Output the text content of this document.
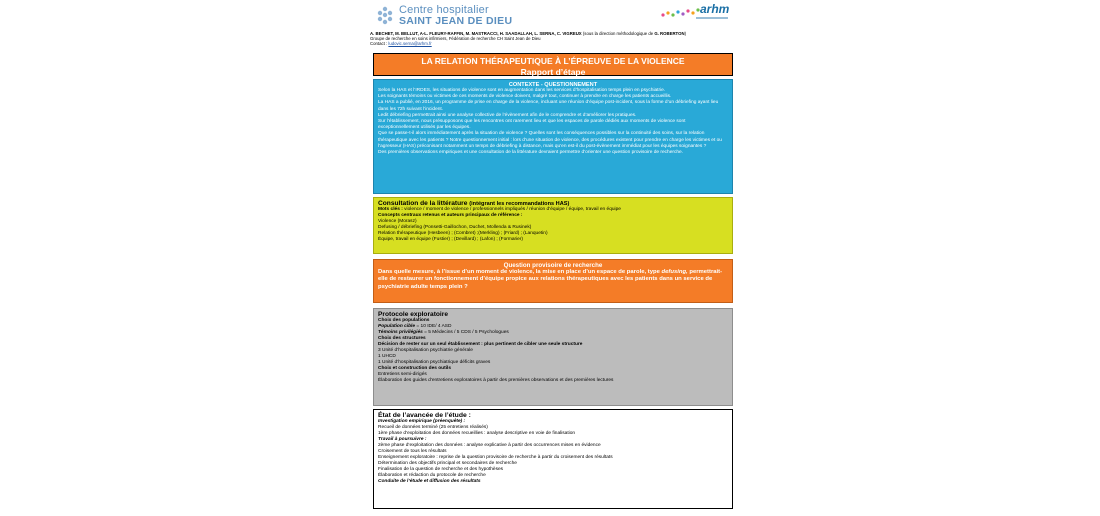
Centre hospitalier
SAINT JEAN DE DIEU
arhm
A. BECHET, M. BELLUT, A-L. FLEURY-RAFFIN, M. MASTRACCI, H. SAADALLAH, L. SERNA, C. VIGREUX (sous la direction méthodologique de G. ROBERTON)
Groupe de recherche en soins infirmiers, Fédération de recherche CH Saint Jean de Dieu
Contact : ludovic.serna@arhm.fr
LA RELATION THÉRAPEUTIQUE À L’ÉPREUVE DE LA VIOLENCE
Rapport d’étape
CONTEXTE - QUESTIONNEMENT
Selon la HAS et l’IRDES, les situations de violence sont en augmentation dans les services d’hospitalisation temps plein en psychiatrie.
Les soignants témoins ou victimes de ces moments de violence doivent, malgré tout, continuer à prendre en charge les patients accueillis.
La HAS a publié, en 2016, un programme de prise en charge de la violence, incluant une réunion d’équipe post-incident, sous la forme d’un débriefing ayant lieu dans les 72h suivant l’incident.
Ledit débriefing permettrait ainsi une analyse collective de l’évènement afin de le comprendre et d’améliorer les pratiques.
Sur l’établissement, nous présupposons que les rencontres ont rarement lieu et que les espaces de parole dédiés aux moments de violence sont exceptionnellement utilisés par les équipes.
Que se passe-t-il alors immédiatement après la situation de violence ? Quelles sont les conséquences possibles sur la continuité des soins, sur la relation thérapeutique avec les patients ? Notre questionnement initial : lors d’une situation de violence, des procédures existent pour prendre en charge les victimes et ou l’agresseur (HAS) préconisant notamment un temps de débriefing à distance, mais qu’en est-il du post-évènement immédiat pour les équipes soignantes ?
Des premières observations empiriques et une consultation de la littérature devraient permettre d’orienter une question provisoire de recherche.
Consultation de la littérature (intégrant les recommandations HAS)
Mots clés : violence / moment de violence / professionnels impliqués / réunion d’équipe / équipe, travail en équipe
Concepts centraux retenus et auteurs principaux de référence :
Violence (Morasz)
Defusing / débriefing (Ponsetti-Gaillochon, Duchet, Mollenda & Rusinek)
Relation thérapeutique (Hesbeen) ; (Combret) ;(Merkling) ; (Friard) ; (Lanquetin)
Équipe, travail en équipe (Fustier) ; (Devillard) ; (Lafon) ; (Formarier)
Question provisoire de recherche
Dans quelle mesure, à l’issue d’un moment de violence, la mise en place d’un espace de parole, type defusing, permettrait-elle de restaurer un fonctionnement d’équipe propice aux relations thérapeutiques avec les patients dans un service de psychiatrie adulte temps plein ?
Protocole exploratoire
Choix des populations
Population cible = 10 IDE/ 4 ASD
Témoins privilégiés = 5 Médecins / 5 CDS / 5 Psychologues
Choix des structures
Décision de rester sur un seul établissement : plus pertinent de cibler une seule structure
3 Unité d’hospitalisation psychiatrie générale
1 UHCD
1 Unité d’hospitalisation psychiatrique déficits graves
Choix et construction des outils
Entretiens semi-dirigés
Élaboration des guides d’entretiens exploratoires à partir des premières observations et des premières lectures
État de l’avancée de l’étude :
Investigation empirique (préenquête) :
Recueil de données terminé (25 entretiens réalisés)
1ère phase d’exploitation des données recueillies : analyse descriptive en voie de finalisation
Travail à poursuivre :
2ème phase d’exploitation des données : analyse explicative à partir des occurrences mises en évidence
Croisement de tous les résultats
Enseignement exploratoire : reprise de la question provisoire de recherche à partir du croisement des résultats
Détermination des objectifs principal et secondaires de recherche
Finalisation de la question de recherche et des hypothèses
Élaboration et rédaction du protocole de recherche
Conduite de l’étude et diffusion des résultats
